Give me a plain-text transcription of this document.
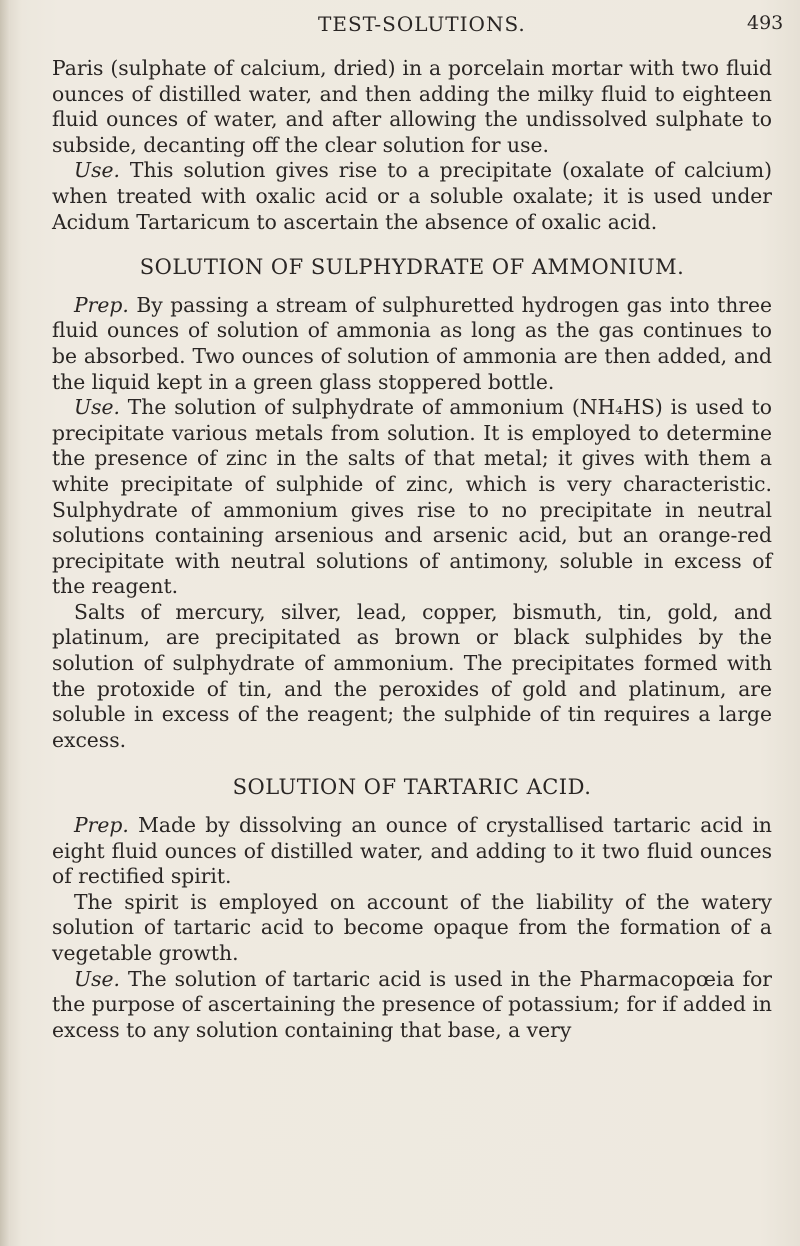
TEST-SOLUTIONS.	493

Paris (sulphate of calcium, dried) in a porcelain mortar with two fluid ounces of distilled water, and then adding the milky fluid to eighteen fluid ounces of water, and after allowing the undissolved sulphate to subside, decanting off the clear solution for use.

Use. This solution gives rise to a precipitate (oxalate of calcium) when treated with oxalic acid or a soluble oxalate; it is used under Acidum Tartaricum to ascertain the absence of oxalic acid.

SOLUTION OF SULPHYDRATE OF AMMONIUM.

Prep. By passing a stream of sulphuretted hydrogen gas into three fluid ounces of solution of ammonia as long as the gas continues to be absorbed. Two ounces of solution of ammonia are then added, and the liquid kept in a green glass stoppered bottle.

Use. The solution of sulphydrate of ammonium (NH₄HS) is used to precipitate various metals from solution. It is employed to determine the presence of zinc in the salts of that metal; it gives with them a white precipitate of sulphide of zinc, which is very characteristic. Sulphydrate of ammonium gives rise to no precipitate in neutral solutions containing arsenious and arsenic acid, but an orange-red precipitate with neutral solutions of antimony, soluble in excess of the reagent.

Salts of mercury, silver, lead, copper, bismuth, tin, gold, and platinum, are precipitated as brown or black sulphides by the solution of sulphydrate of ammonium. The precipitates formed with the protoxide of tin, and the peroxides of gold and platinum, are soluble in excess of the reagent; the sulphide of tin requires a large excess.

SOLUTION OF TARTARIC ACID.

Prep. Made by dissolving an ounce of crystallised tartaric acid in eight fluid ounces of distilled water, and adding to it two fluid ounces of rectified spirit.

The spirit is employed on account of the liability of the watery solution of tartaric acid to become opaque from the formation of a vegetable growth.

Use. The solution of tartaric acid is used in the Pharmacopœia for the purpose of ascertaining the presence of potassium; for if added in excess to any solution containing that base, a very
